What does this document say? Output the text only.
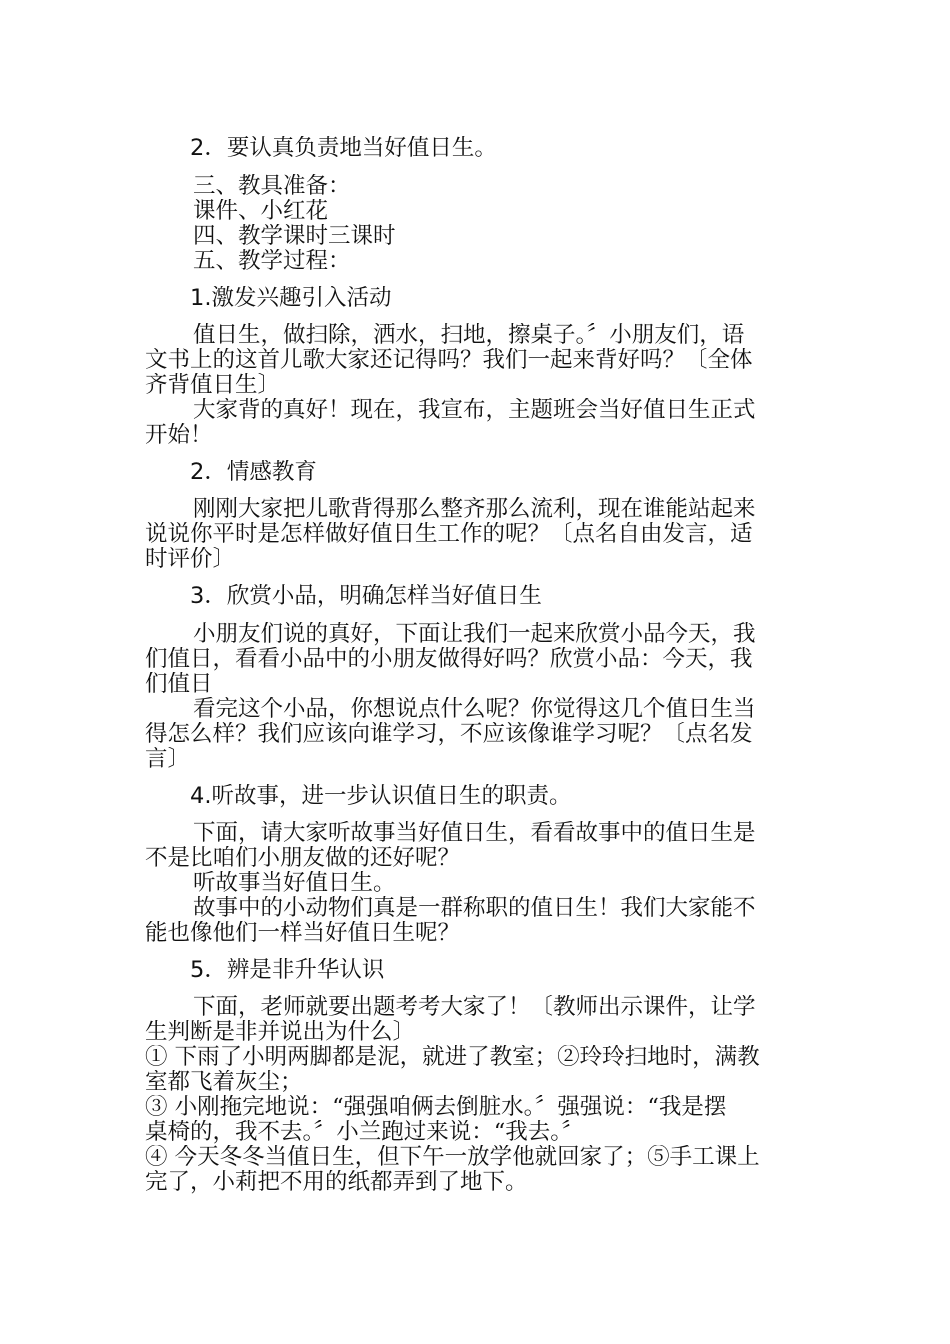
2．要认真负责地当好值日生。
三、教具准备：
课件、小红花
四、教学课时三课时
五、教学过程：
1.激发兴趣引入活动
值日生，做扫除，洒水，扫地，擦桌子。〞小朋友们，语
文书上的这首儿歌大家还记得吗？我们一起来背好吗？〔全体
齐背值日生〕
大家背的真好！现在，我宣布，主题班会当好值日生正式
开始！
2．情感教育
刚刚大家把儿歌背得那么整齐那么流利，现在谁能站起来
说说你平时是怎样做好值日生工作的呢？〔点名自由发言，适
时评价〕
3．欣赏小品，明确怎样当好值日生
小朋友们说的真好，下面让我们一起来欣赏小品今天，我
们值日，看看小品中的小朋友做得好吗？欣赏小品：今天，我
们值日
看完这个小品，你想说点什么呢？你觉得这几个值日生当
得怎么样？我们应该向谁学习，不应该像谁学习呢？〔点名发
言〕
4.听故事，进一步认识值日生的职责。
下面，请大家听故事当好值日生，看看故事中的值日生是
不是比咱们小朋友做的还好呢？
听故事当好值日生。
故事中的小动物们真是一群称职的值日生！我们大家能不
能也像他们一样当好值日生呢？
5．辨是非升华认识
下面，老师就要出题考考大家了！〔教师出示课件，让学
生判断是非并说出为什么〕
① 下雨了小明两脚都是泥，就进了教室；②玲玲扫地时，满教
室都飞着灰尘；
③ 小刚拖完地说：“强强咱俩去倒脏水。〞强强说：“我是摆
桌椅的，我不去。〞小兰跑过来说：“我去。〞
④ 今天冬冬当值日生，但下午一放学他就回家了；⑤手工课上
完了，小莉把不用的纸都弄到了地下。
